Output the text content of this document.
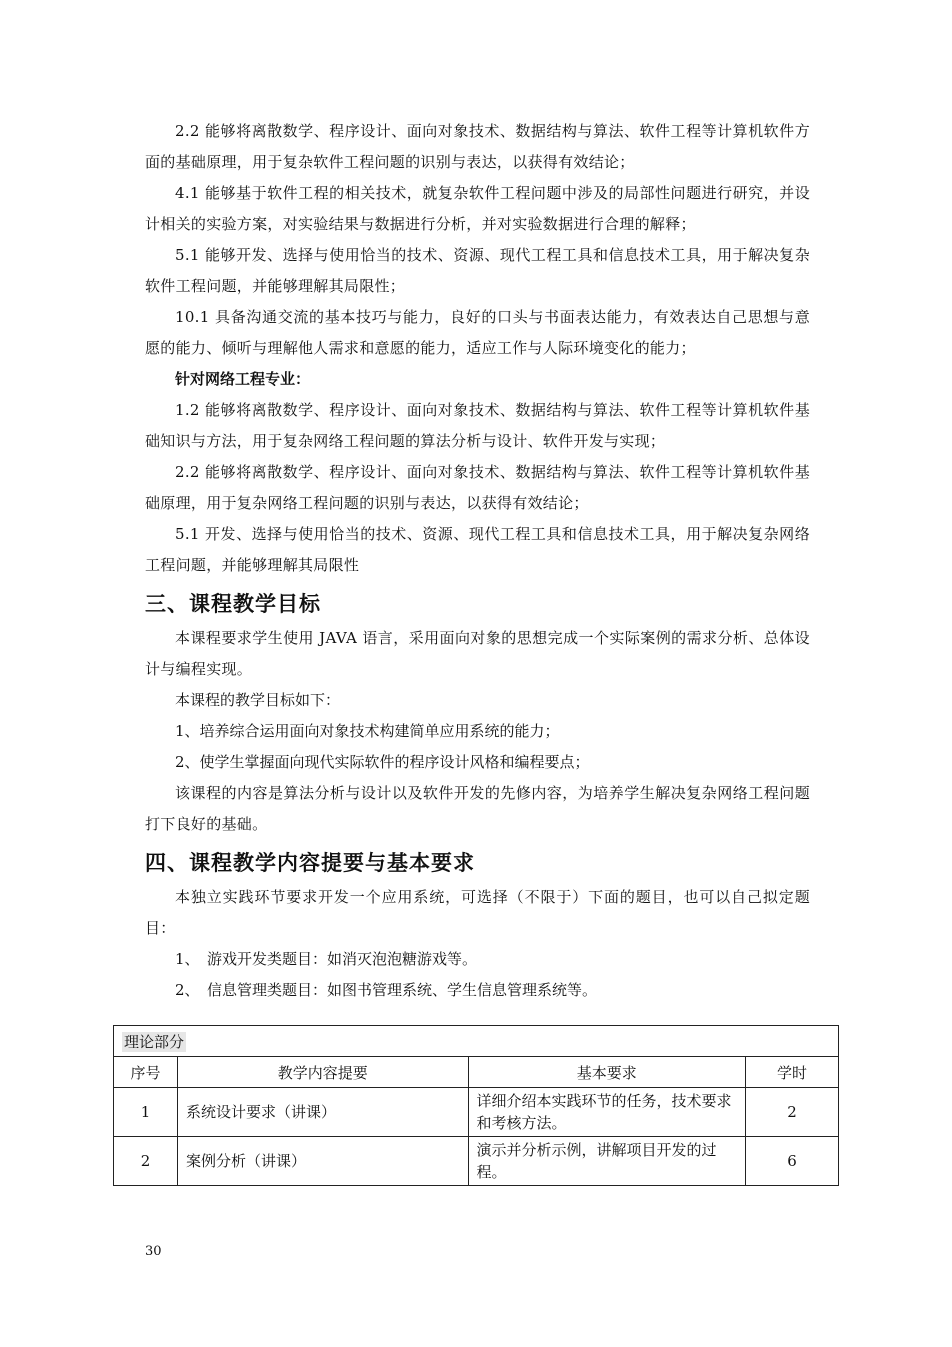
2.2 能够将离散数学、程序设计、面向对象技术、数据结构与算法、软件工程等计算机软件方面的基础原理，用于复杂软件工程问题的识别与表达，以获得有效结论；

4.1 能够基于软件工程的相关技术，就复杂软件工程问题中涉及的局部性问题进行研究，并设计相关的实验方案，对实验结果与数据进行分析，并对实验数据进行合理的解释；

5.1 能够开发、选择与使用恰当的技术、资源、现代工程工具和信息技术工具，用于解决复杂软件工程问题，并能够理解其局限性；

10.1 具备沟通交流的基本技巧与能力，良好的口头与书面表达能力，有效表达自己思想与意愿的能力、倾听与理解他人需求和意愿的能力，适应工作与人际环境变化的能力；

针对网络工程专业：

1.2 能够将离散数学、程序设计、面向对象技术、数据结构与算法、软件工程等计算机软件基础知识与方法，用于复杂网络工程问题的算法分析与设计、软件开发与实现；

2.2 能够将离散数学、程序设计、面向对象技术、数据结构与算法、软件工程等计算机软件基础原理，用于复杂网络工程问题的识别与表达，以获得有效结论；

5.1 开发、选择与使用恰当的技术、资源、现代工程工具和信息技术工具，用于解决复杂网络工程问题，并能够理解其局限性

三、课程教学目标

本课程要求学生使用 JAVA 语言，采用面向对象的思想完成一个实际案例的需求分析、总体设计与编程实现。

本课程的教学目标如下：

1、培养综合运用面向对象技术构建简单应用系统的能力；

2、使学生掌握面向现代实际软件的程序设计风格和编程要点；

该课程的内容是算法分析与设计以及软件开发的先修内容，为培养学生解决复杂网络工程问题打下良好的基础。

四、课程教学内容提要与基本要求

本独立实践环节要求开发一个应用系统，可选择（不限于）下面的题目，也可以自己拟定题目：

1、　游戏开发类题目：如消灭泡泡糖游戏等。

2、　信息管理类题目：如图书管理系统、学生信息管理系统等。

理论部分			
序号	教学内容提要	基本要求	学时
1	系统设计要求（讲课）	详细介绍本实践环节的任务，技术要求和考核方法。	2
2	案例分析（讲课）	演示并分析示例，讲解项目开发的过程。	6
30
